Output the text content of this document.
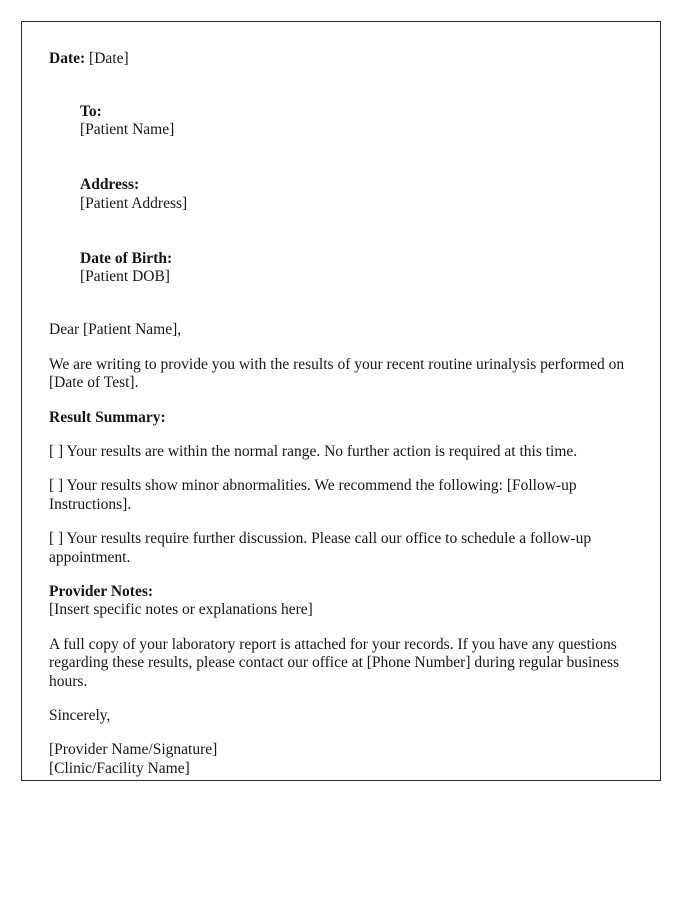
Date: [Date]

To:
[Patient Name]

Address:
[Patient Address]

Date of Birth:
[Patient DOB]

Dear [Patient Name],

We are writing to provide you with the results of your recent routine urinalysis performed on [Date of Test].

Result Summary:

[ ] Your results are within the normal range. No further action is required at this time.

[ ] Your results show minor abnormalities. We recommend the following: [Follow-up Instructions].

[ ] Your results require further discussion. Please call our office to schedule a follow-up appointment.

Provider Notes:
[Insert specific notes or explanations here]

A full copy of your laboratory report is attached for your records. If you have any questions regarding these results, please contact our office at [Phone Number] during regular business hours.

Sincerely,

[Provider Name/Signature]
[Clinic/Facility Name]
